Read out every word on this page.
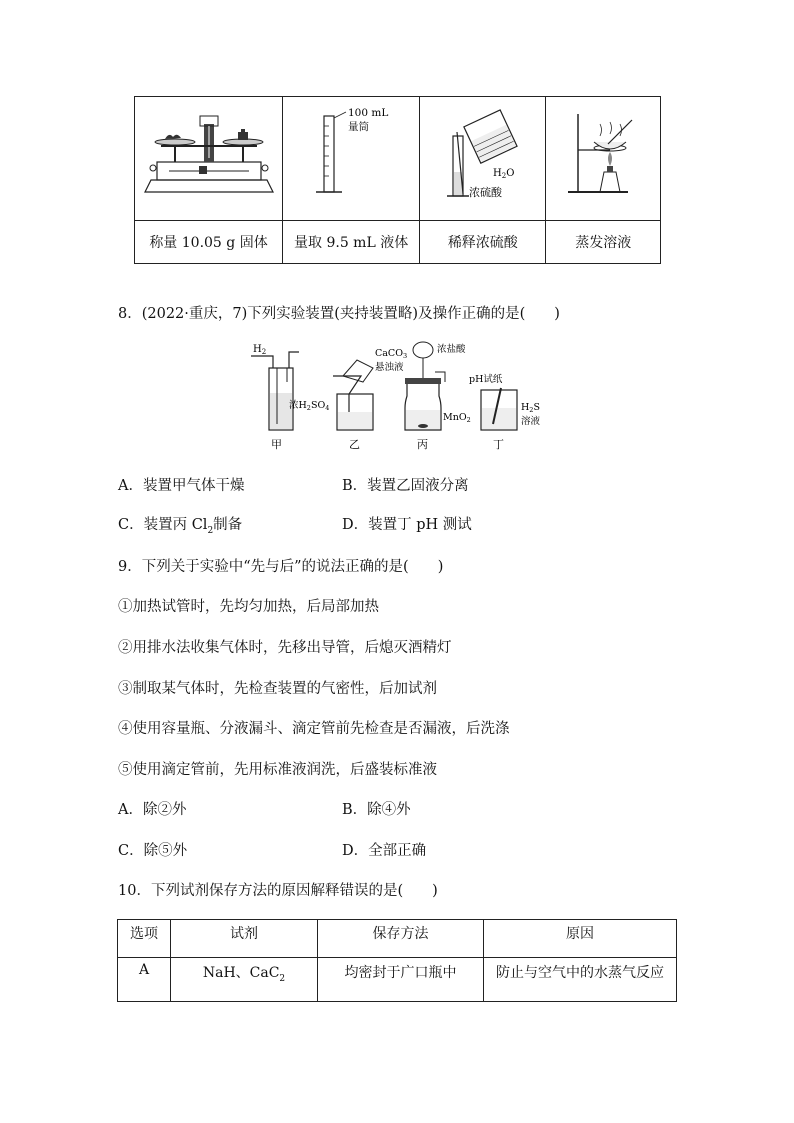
100 mL
量筒	$H_2O$
浓硫酸

称量 10.05 g 固体	量取 9.5 mL 液体	稀释浓硫酸	蒸发溶液
8．(2022·重庆，7)下列实验装置(夹持装置略)及操作正确的是(　　)
$H_2$
浓$H_2SO_4$
甲
CaCO$_3$
悬浊液
乙
浓盐酸
MnO$_2$
丙
pH试纸
$H_2S$
溶液
丁
A．装置甲气体干燥	B．装置乙固液分离
C．装置丙 $Cl_2$制备	D．装置丁 pH 测试
9．下列关于实验中“先与后”的说法正确的是(　　)
①加热试管时，先均匀加热，后局部加热
②用排水法收集气体时，先移出导管，后熄灭酒精灯
③制取某气体时，先检查装置的气密性，后加试剂
④使用容量瓶、分液漏斗、滴定管前先检查是否漏液，后洗涤
⑤使用滴定管前，先用标准液润洗，后盛装标准液
A．除②外	B．除④外
C．除⑤外	D．全部正确
10．下列试剂保存方法的原因解释错误的是(　　)
选项	试剂	保存方法	原因
A	NaH、CaC$_2$	均密封于广口瓶中	防止与空气中的水蒸气反应
